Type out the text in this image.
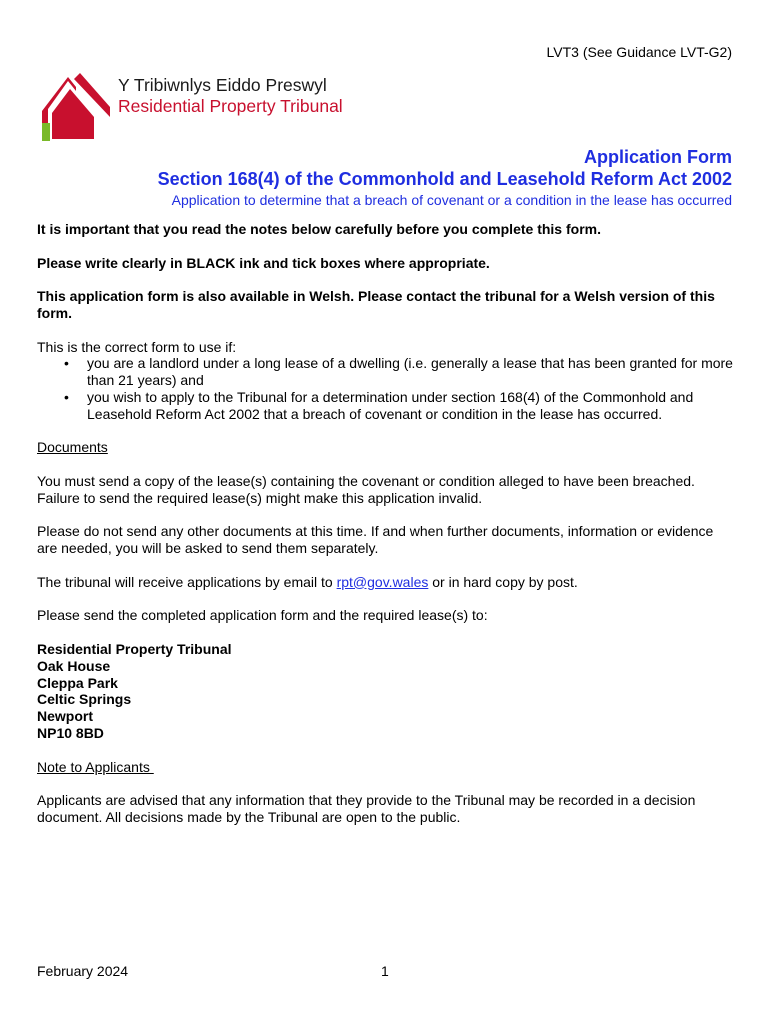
LVT3 (See Guidance LVT-G2)
Y Tribiwnlys Eiddo Preswyl
Residential Property Tribunal
Application Form
Section 168(4) of the Commonhold and Leasehold Reform Act 2002
Application to determine that a breach of covenant or a condition in the lease has occurred

It is important that you read the notes below carefully before you complete this form.

Please write clearly in BLACK ink and tick boxes where appropriate.

This application form is also available in Welsh. Please contact the tribunal for a Welsh version of this form.

This is the correct form to use if:
• you are a landlord under a long lease of a dwelling (i.e. generally a lease that has been granted for more than 21 years) and
• you wish to apply to the Tribunal for a determination under section 168(4) of the Commonhold and Leasehold Reform Act 2002 that a breach of covenant or condition in the lease has occurred.

Documents

You must send a copy of the lease(s) containing the covenant or condition alleged to have been breached. Failure to send the required lease(s) might make this application invalid.

Please do not send any other documents at this time. If and when further documents, information or evidence are needed, you will be asked to send them separately.

The tribunal will receive applications by email to rpt@gov.wales or in hard copy by post.

Please send the completed application form and the required lease(s) to:

Residential Property Tribunal
Oak House
Cleppa Park
Celtic Springs
Newport
NP10 8BD

Note to Applicants

Applicants are advised that any information that they provide to the Tribunal may be recorded in a decision document. All decisions made by the Tribunal are open to the public.

February 2024	1
